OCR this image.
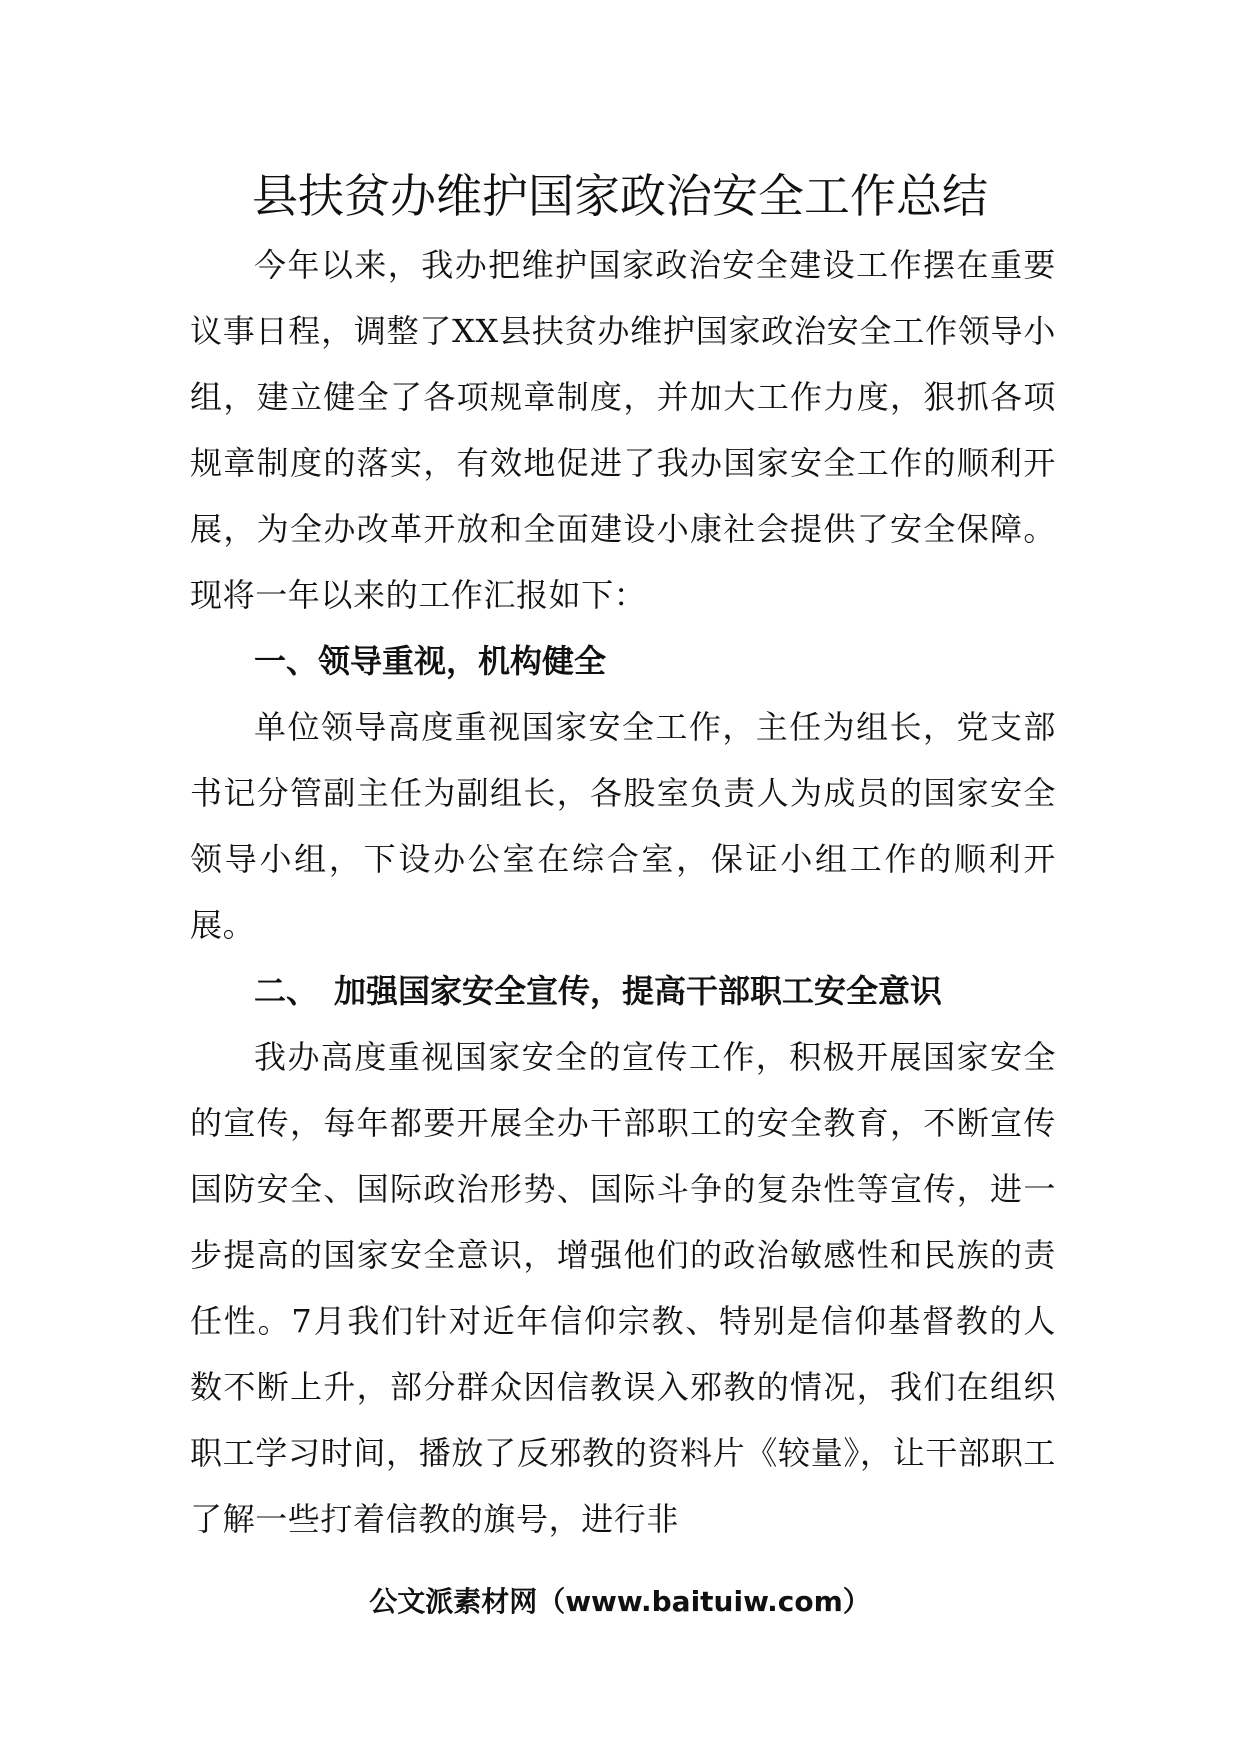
县扶贫办维护国家政治安全工作总结

今年以来，我办把维护国家政治安全建设工作摆在重要议事日程，调整了XX县扶贫办维护国家政治安全工作领导小组，建立健全了各项规章制度，并加大工作力度，狠抓各项规章制度的落实，有效地促进了我办国家安全工作的顺利开展，为全办改革开放和全面建设小康社会提供了安全保障。现将一年以来的工作汇报如下：

一、领导重视，机构健全

单位领导高度重视国家安全工作，主任为组长，党支部书记分管副主任为副组长，各股室负责人为成员的国家安全领导小组，下设办公室在综合室，保证小组工作的顺利开展。

二、　加强国家安全宣传，提高干部职工安全意识

我办高度重视国家安全的宣传工作，积极开展国家安全的宣传，每年都要开展全办干部职工的安全教育，不断宣传国防安全、国际政治形势、国际斗争的复杂性等宣传，进一步提高的国家安全意识，增强他们的政治敏感性和民族的责任性。7月我们针对近年信仰宗教、特别是信仰基督教的人数不断上升，部分群众因信教误入邪教的情况，我们在组织职工学习时间，播放了反邪教的资料片《较量》，让干部职工了解一些打着信教的旗号，进行非

公文派素材网（www.baituiw.com）
